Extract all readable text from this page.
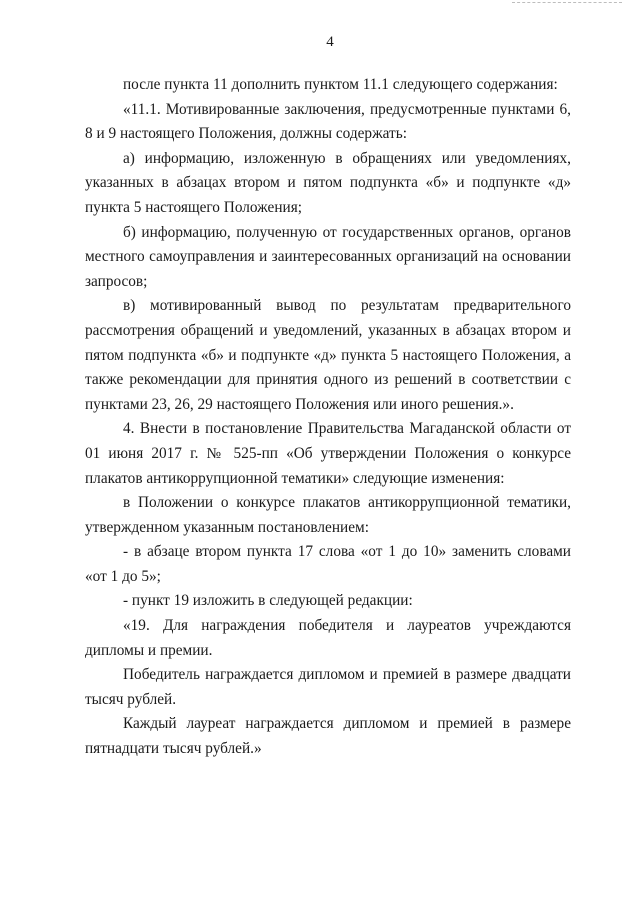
4

после пункта 11 дополнить пунктом 11.1 следующего содержания:

«11.1. Мотивированные заключения, предусмотренные пунктами 6, 8 и 9 настоящего Положения, должны содержать:

а) информацию, изложенную в обращениях или уведомлениях, указанных в абзацах втором и пятом подпункта «б» и подпункте «д» пункта 5 настоящего Положения;

б) информацию, полученную от государственных органов, органов местного самоуправления и заинтересованных организаций на основании запросов;

в) мотивированный вывод по результатам предварительного рассмотрения обращений и уведомлений, указанных в абзацах втором и пятом подпункта «б» и подпункте «д» пункта 5 настоящего Положения, а также рекомендации для принятия одного из решений в соответствии с пунктами 23, 26, 29 настоящего Положения или иного решения.».

4. Внести в постановление Правительства Магаданской области от 01 июня 2017 г. № 525-пп «Об утверждении Положения о конкурсе плакатов антикоррупционной тематики» следующие изменения:

в Положении о конкурсе плакатов антикоррупционной тематики, утвержденном указанным постановлением:

- в абзаце втором пункта 17 слова «от 1 до 10» заменить словами «от 1 до 5»;

- пункт 19 изложить в следующей редакции:

«19. Для награждения победителя и лауреатов учреждаются дипломы и премии.

Победитель награждается дипломом и премией в размере двадцати тысяч рублей.

Каждый лауреат награждается дипломом и премией в размере пятнадцати тысяч рублей.»
